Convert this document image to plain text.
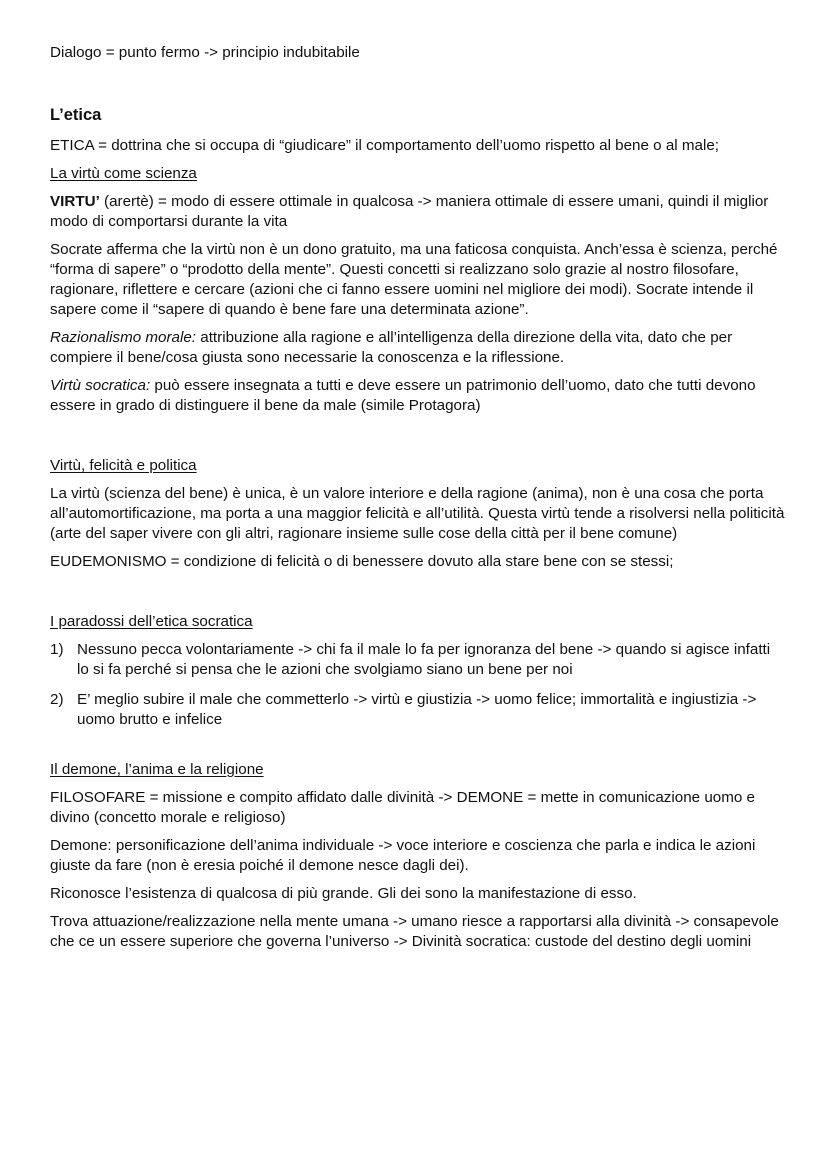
Dialogo = punto fermo -> principio indubitabile

L’etica

ETICA = dottrina che si occupa di “giudicare” il comportamento dell’uomo rispetto al bene o al male;

La virtù come scienza

VIRTU’ (arertè) = modo di essere ottimale in qualcosa -> maniera ottimale di essere umani, quindi il miglior modo di comportarsi durante la vita

Socrate afferma che la virtù non è un dono gratuito, ma una faticosa conquista. Anch’essa è scienza, perché “forma di sapere” o “prodotto della mente”. Questi concetti si realizzano solo grazie al nostro filosofare, ragionare, riflettere e cercare (azioni che ci fanno essere uomini nel migliore dei modi). Socrate intende il sapere come il “sapere di quando è bene fare una determinata azione”.

Razionalismo morale: attribuzione alla ragione e all’intelligenza della direzione della vita, dato che per compiere il bene/cosa giusta sono necessarie la conoscenza e la riflessione.

Virtù socratica: può essere insegnata a tutti e deve essere un patrimonio dell’uomo, dato che tutti devono essere in grado di distinguere il bene da male (simile Protagora)

Virtù, felicità e politica

La virtù (scienza del bene) è unica, è un valore interiore e della ragione (anima), non è una cosa che porta all’automortificazione, ma porta a una maggior felicità e all’utilità. Questa virtù tende a risolversi nella politicità (arte del saper vivere con gli altri, ragionare insieme sulle cose della città per il bene comune)

EUDEMONISMO = condizione di felicità o di benessere dovuto alla stare bene con se stessi;

I paradossi dell’etica socratica

1) Nessuno pecca volontariamente -> chi fa il male lo fa per ignoranza del bene -> quando si agisce infatti lo si fa perché si pensa che le azioni che svolgiamo siano un bene per noi
2) E’ meglio subire il male che commetterlo -> virtù e giustizia -> uomo felice; immortalità e ingiustizia -> uomo brutto e infelice

Il demone, l’anima e la religione

FILOSOFARE = missione e compito affidato dalle divinità -> DEMONE = mette in comunicazione uomo e divino (concetto morale e religioso)

Demone: personificazione dell’anima individuale -> voce interiore e coscienza che parla e indica le azioni giuste da fare (non è eresia poiché il demone nesce dagli dei).

Riconosce l’esistenza di qualcosa di più grande. Gli dei sono la manifestazione di esso.

Trova attuazione/realizzazione nella mente umana -> umano riesce a rapportarsi alla divinità -> consapevole che ce un essere superiore che governa l’universo -> Divinità socratica: custode del destino degli uomini
